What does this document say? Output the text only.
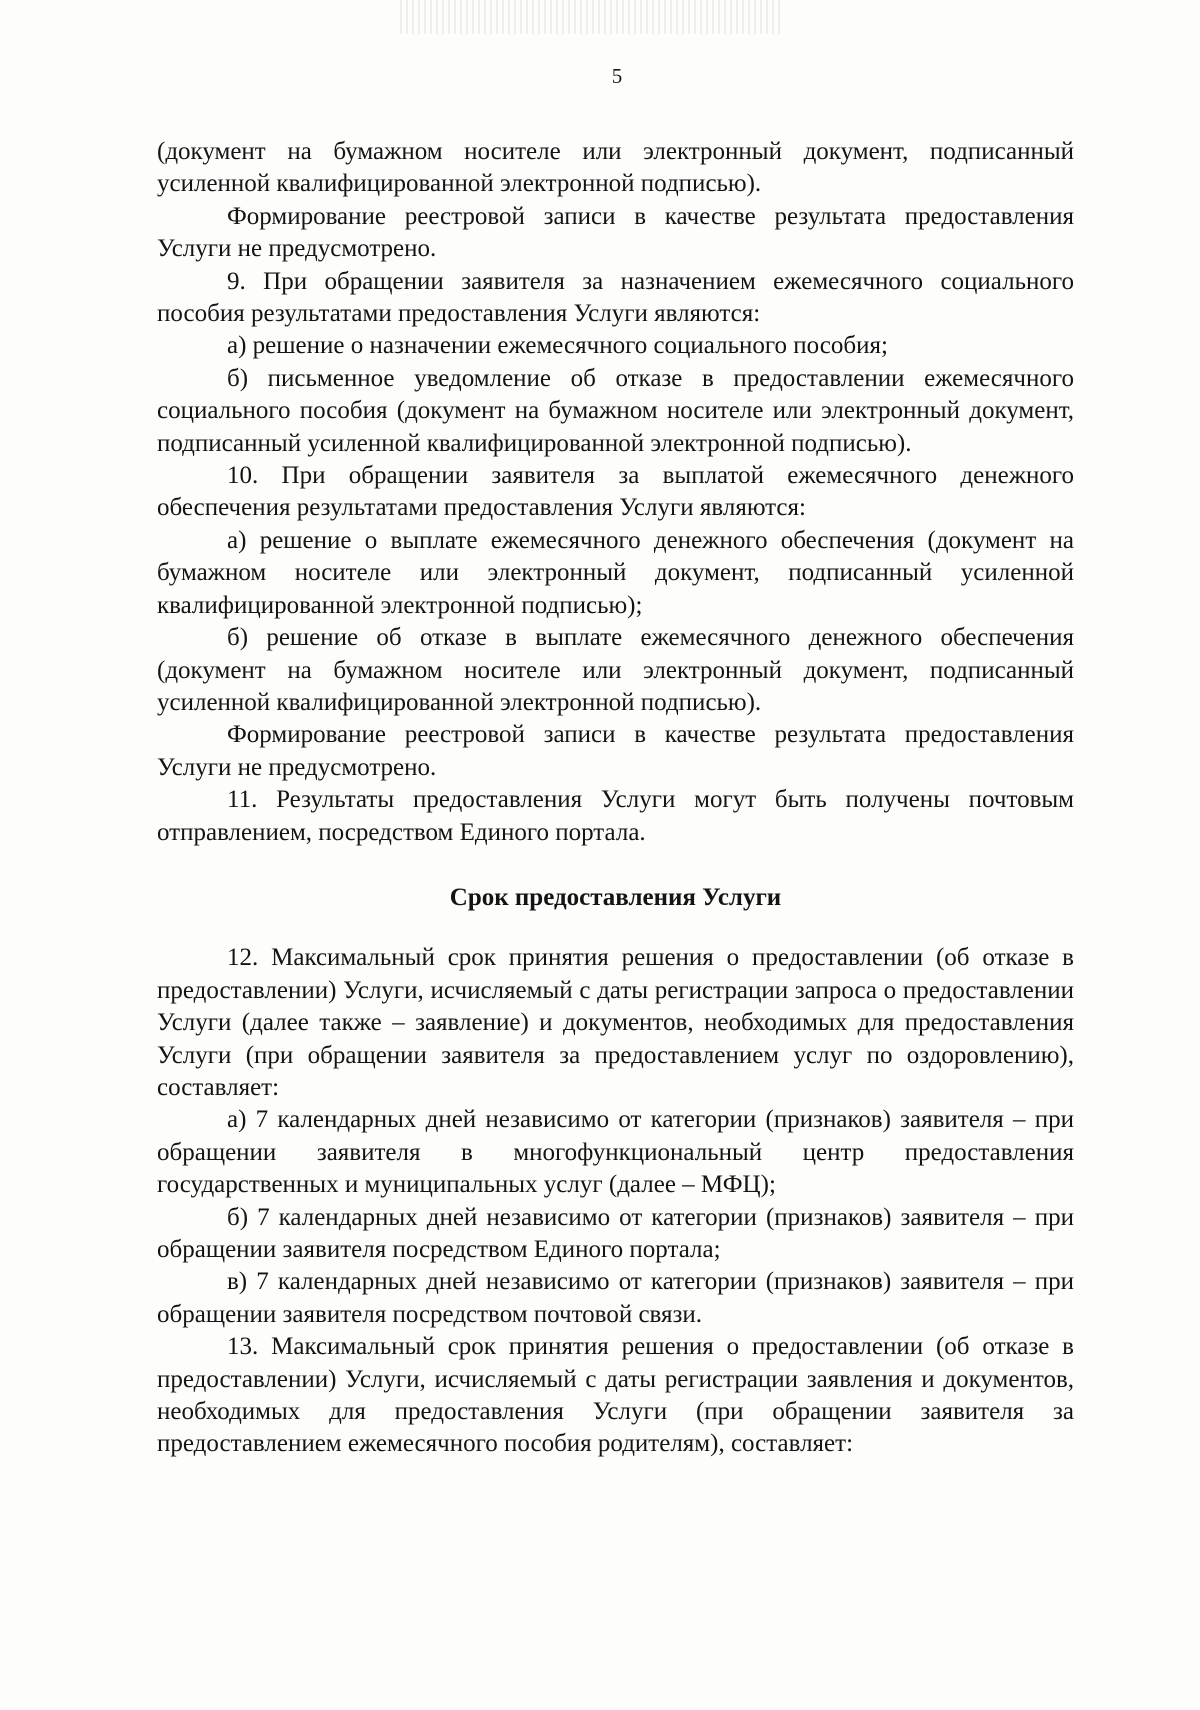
5

(документ на бумажном носителе или электронный документ, подписанный усиленной квалифицированной электронной подписью).

Формирование реестровой записи в качестве результата предоставления Услуги не предусмотрено.

9. При обращении заявителя за назначением ежемесячного социального пособия результатами предоставления Услуги являются:

а) решение о назначении ежемесячного социального пособия;

б) письменное уведомление об отказе в предоставлении ежемесячного социального пособия (документ на бумажном носителе или электронный документ, подписанный усиленной квалифицированной электронной подписью).

10. При обращении заявителя за выплатой ежемесячного денежного обеспечения результатами предоставления Услуги являются:

а) решение о выплате ежемесячного денежного обеспечения (документ на бумажном носителе или электронный документ, подписанный усиленной квалифицированной электронной подписью);

б) решение об отказе в выплате ежемесячного денежного обеспечения (документ на бумажном носителе или электронный документ, подписанный усиленной квалифицированной электронной подписью).

Формирование реестровой записи в качестве результата предоставления Услуги не предусмотрено.

11. Результаты предоставления Услуги могут быть получены почтовым отправлением, посредством Единого портала.

Срок предоставления Услуги

12. Максимальный срок принятия решения о предоставлении (об отказе в предоставлении) Услуги, исчисляемый с даты регистрации запроса о предоставлении Услуги (далее также – заявление) и документов, необходимых для предоставления Услуги (при обращении заявителя за предоставлением услуг по оздоровлению), составляет:

а) 7 календарных дней независимо от категории (признаков) заявителя – при обращении заявителя в многофункциональный центр предоставления государственных и муниципальных услуг (далее – МФЦ);

б) 7 календарных дней независимо от категории (признаков) заявителя – при обращении заявителя посредством Единого портала;

в) 7 календарных дней независимо от категории (признаков) заявителя – при обращении заявителя посредством почтовой связи.

13. Максимальный срок принятия решения о предоставлении (об отказе в предоставлении) Услуги, исчисляемый с даты регистрации заявления и документов, необходимых для предоставления Услуги (при обращении заявителя за предоставлением ежемесячного пособия родителям), составляет:
